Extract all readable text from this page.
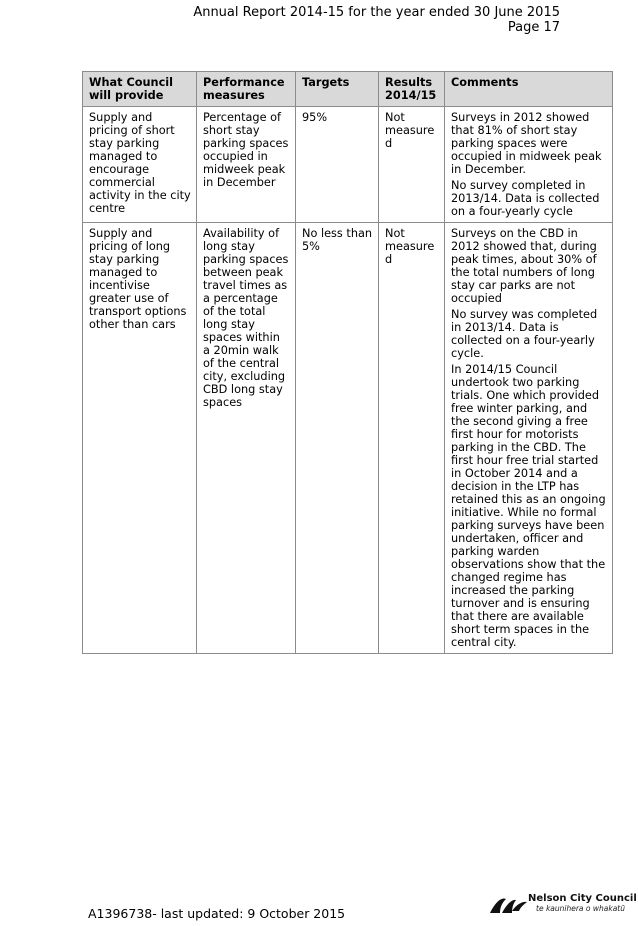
Annual Report 2014-15 for the year ended 30 June 2015
Page 17
What Council will provide	Performance measures	Targets	Results 2014/15	Comments
Supply and pricing of short stay parking managed to encourage commercial activity in the city centre	Percentage of short stay parking spaces occupied in midweek peak in December	95%	Not measured	Surveys in 2012 showed that 81% of short stay parking spaces were occupied in midweek peak in December.

No survey completed in 2013/14. Data is collected on a four-yearly cycle

Supply and pricing of long stay parking managed to incentivise greater use of transport options other than cars	Availability of long stay parking spaces between peak travel times as a percentage of the total long stay spaces within a 20min walk of the central city, excluding CBD long stay spaces	No less than 5%	Not measured	Surveys on the CBD in 2012 showed that, during peak times, about 30% of the total numbers of long stay car parks are not occupied

No survey was completed in 2013/14. Data is collected on a four-yearly cycle.

In 2014/15 Council undertook two parking trials. One which provided free winter parking, and the second giving a free first hour for motorists parking in the CBD. The first hour free trial started in October 2014 and a decision in the LTP has retained this as an ongoing initiative. While no formal parking surveys have been undertaken, officer and parking warden observations show that the changed regime has increased the parking turnover and is ensuring that there are available short term spaces in the central city.

A1396738- last updated: 9 October 2015
Nelson City Council
te kaunihera o whakatū
